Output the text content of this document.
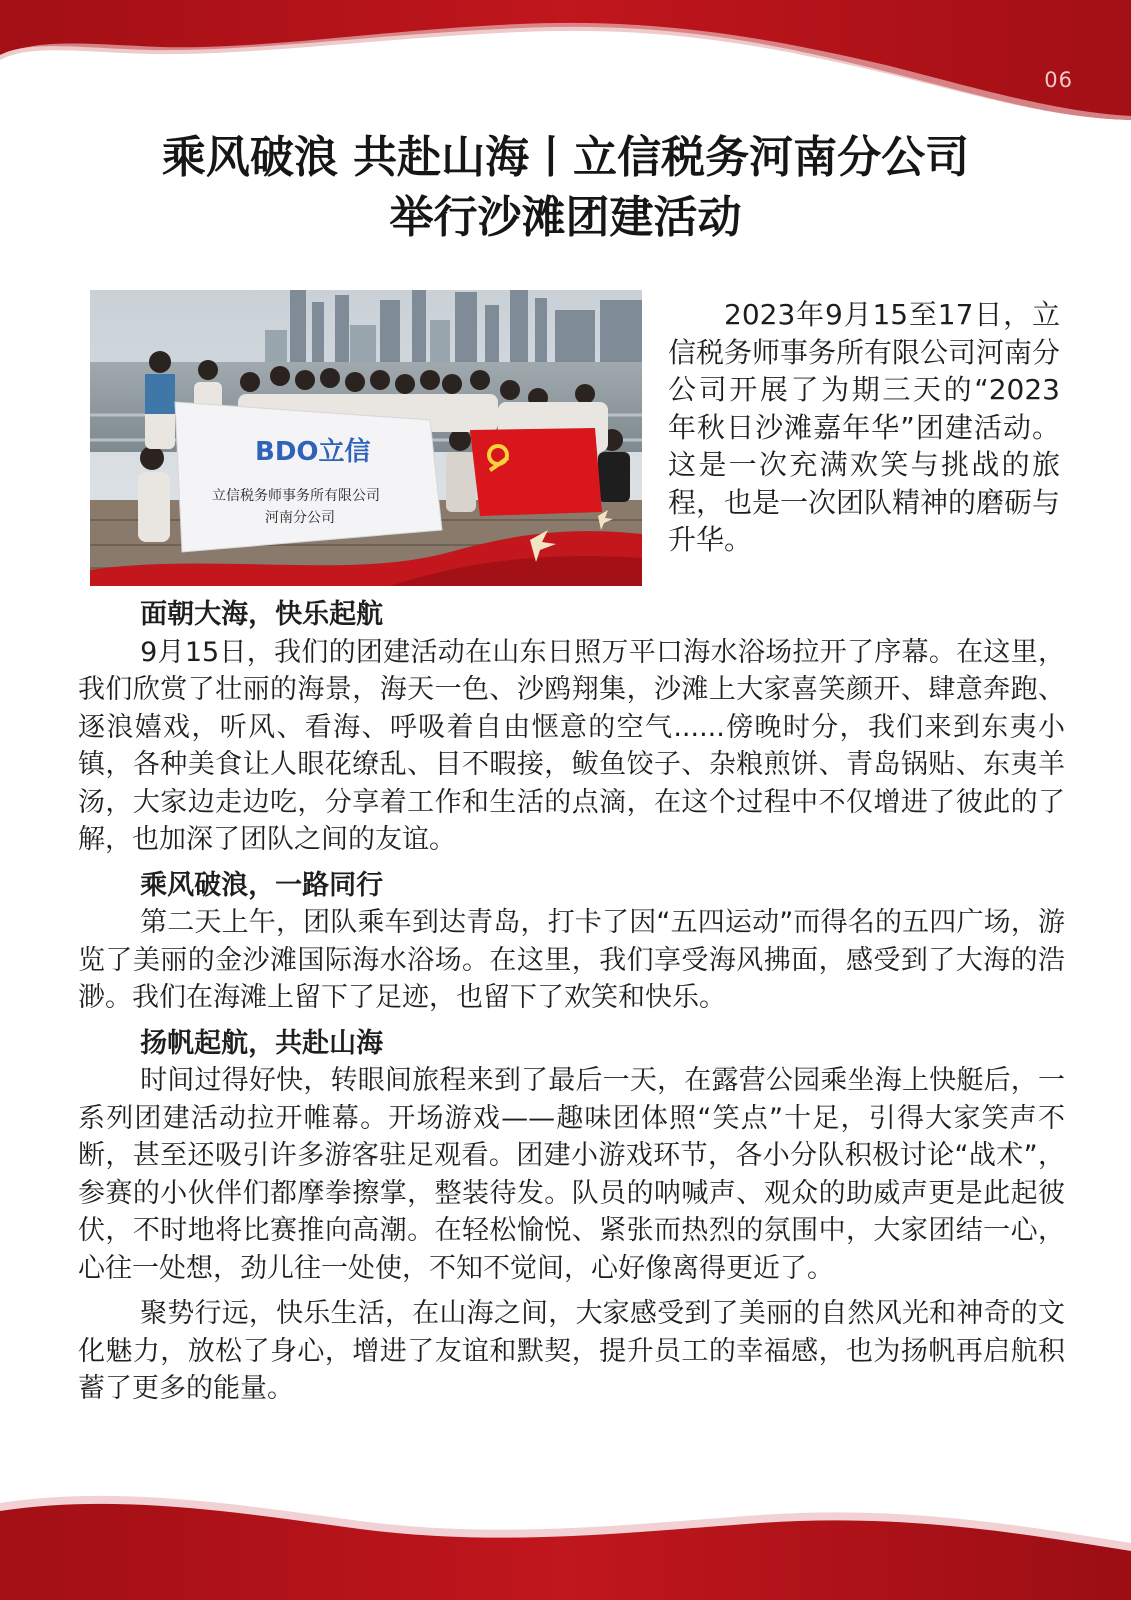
06
乘风破浪 共赴山海丨立信税务河南分公司
举行沙滩团建活动
BDO立信
立信税务师事务所有限公司
河南分公司

2023年9月15至17日，立信税务师事务所有限公司河南分公司开展了为期三天的“2023年秋日沙滩嘉年华”团建活动。这是一次充满欢笑与挑战的旅程，也是一次团队精神的磨砺与升华。

面朝大海，快乐起航

9月15日，我们的团建活动在山东日照万平口海水浴场拉开了序幕。在这里，我们欣赏了壮丽的海景，海天一色、沙鸥翔集，沙滩上大家喜笑颜开、肆意奔跑、逐浪嬉戏，听风、看海、呼吸着自由惬意的空气......傍晚时分，我们来到东夷小镇，各种美食让人眼花缭乱、目不暇接，鲅鱼饺子、杂粮煎饼、青岛锅贴、东夷羊汤，大家边走边吃，分享着工作和生活的点滴，在这个过程中不仅增进了彼此的了解，也加深了团队之间的友谊。

乘风破浪，一路同行

第二天上午，团队乘车到达青岛，打卡了因“五四运动”而得名的五四广场，游览了美丽的金沙滩国际海水浴场。在这里，我们享受海风拂面，感受到了大海的浩渺。我们在海滩上留下了足迹，也留下了欢笑和快乐。

扬帆起航，共赴山海

时间过得好快，转眼间旅程来到了最后一天，在露营公园乘坐海上快艇后，一系列团建活动拉开帷幕。开场游戏——趣味团体照“笑点”十足，引得大家笑声不断，甚至还吸引许多游客驻足观看。团建小游戏环节，各小分队积极讨论“战术”，参赛的小伙伴们都摩拳擦掌，整装待发。队员的呐喊声、观众的助威声更是此起彼伏，不时地将比赛推向高潮。在轻松愉悦、紧张而热烈的氛围中，大家团结一心，心往一处想，劲儿往一处使，不知不觉间，心好像离得更近了。

聚势行远，快乐生活，在山海之间，大家感受到了美丽的自然风光和神奇的文化魅力，放松了身心，增进了友谊和默契，提升员工的幸福感，也为扬帆再启航积蓄了更多的能量。
